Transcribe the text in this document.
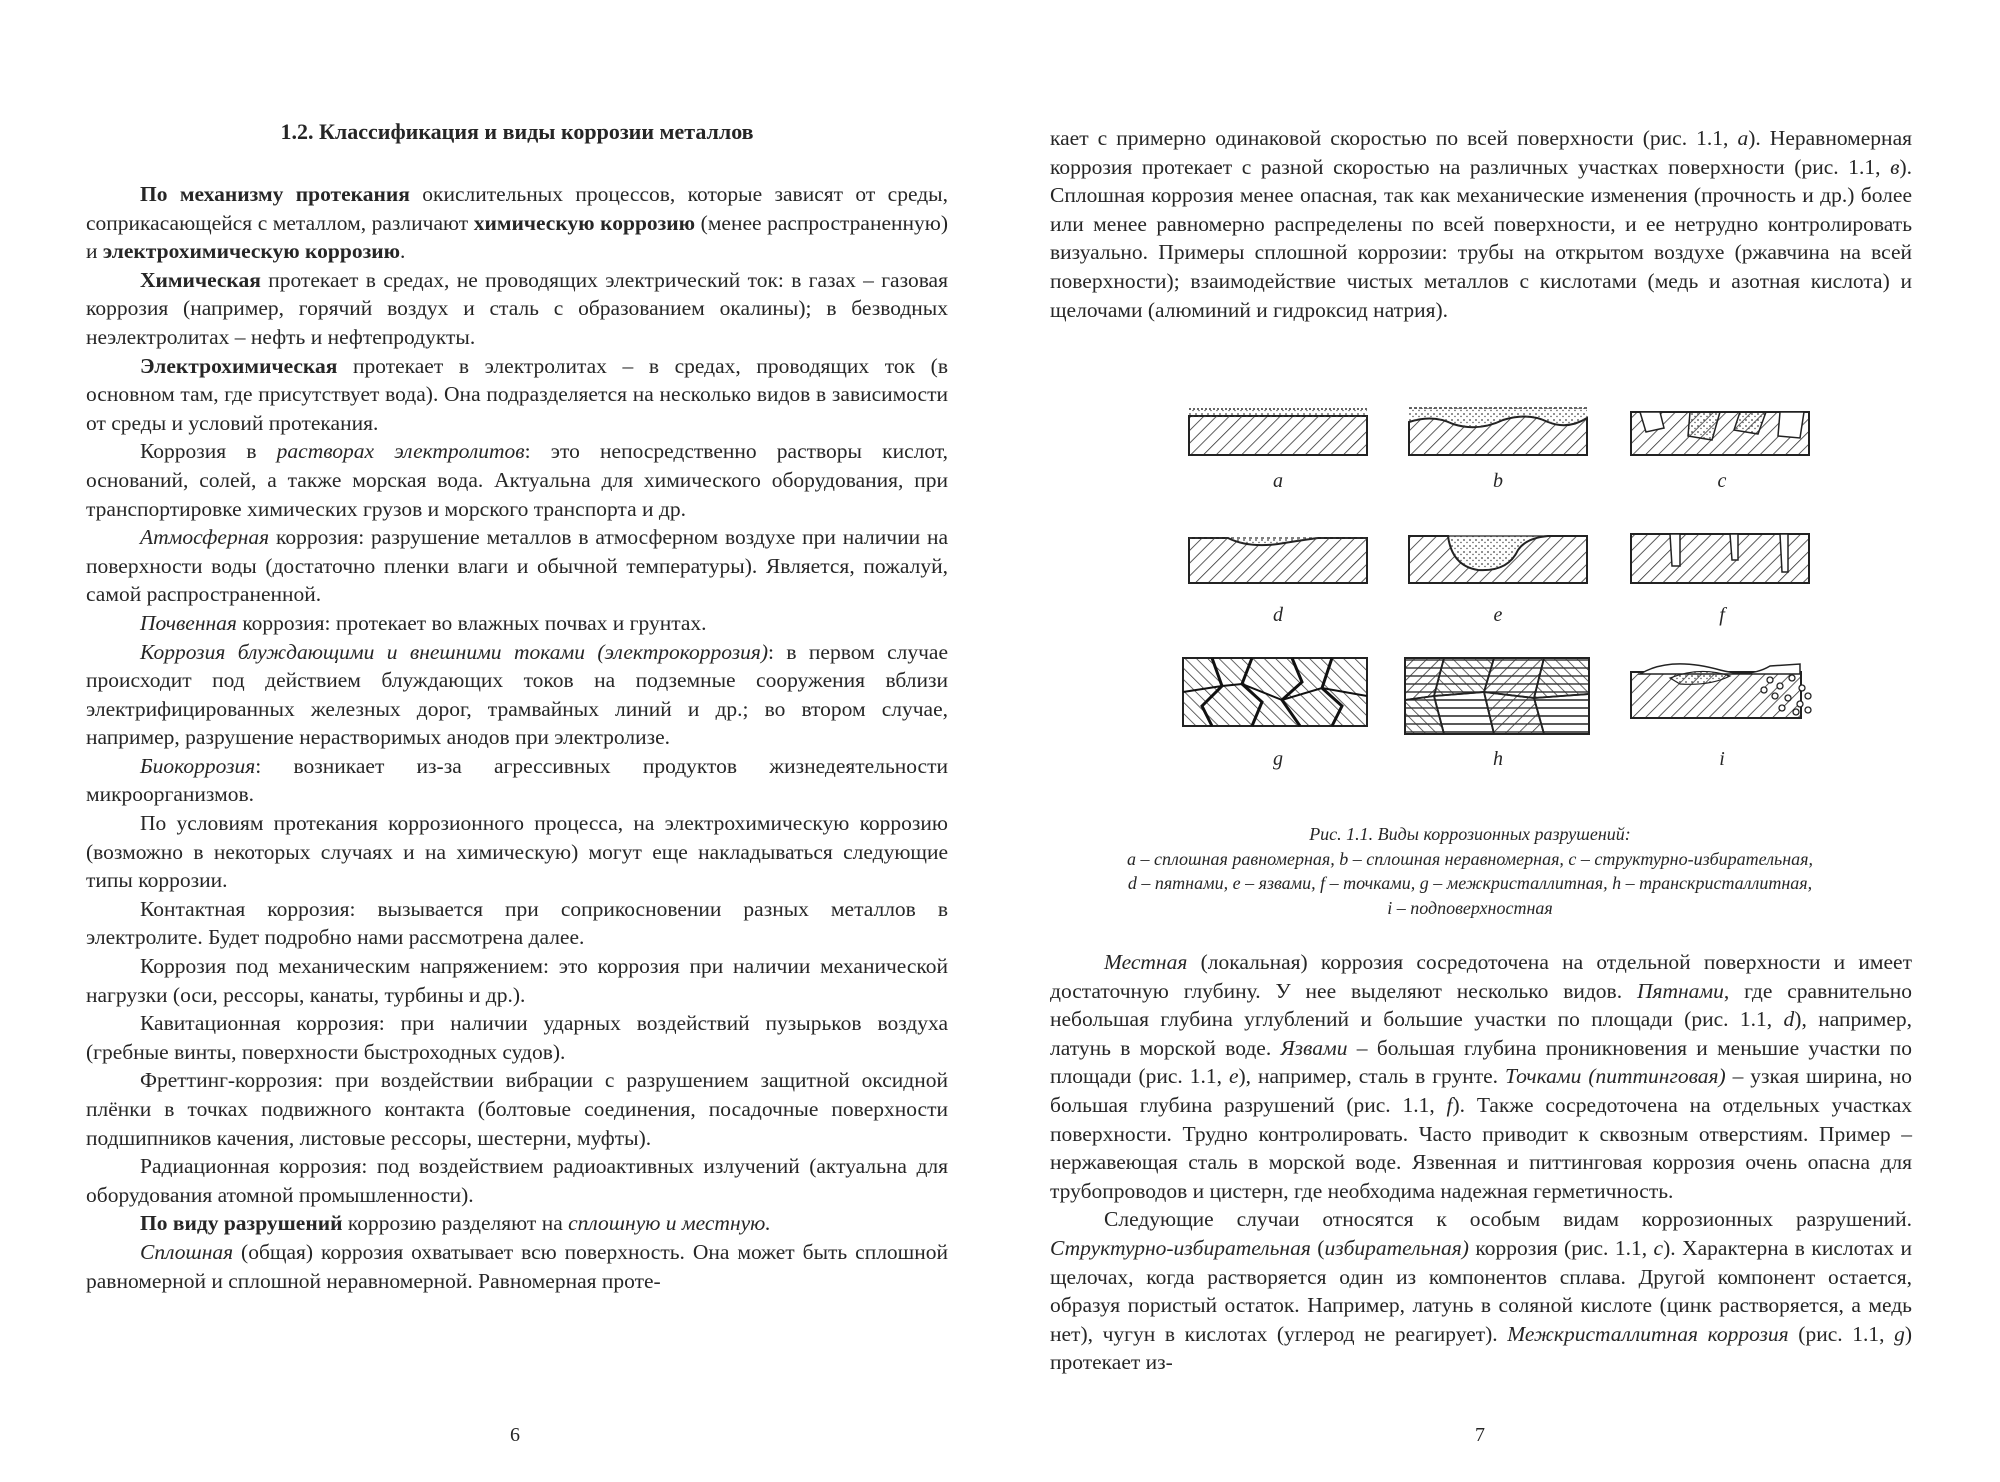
1.2. Классификация и виды коррозии металлов

По механизму протекания окислительных процессов, которые зависят от среды, соприкасающейся с металлом, различают химическую коррозию (менее распространенную) и электрохимическую коррозию.

Химическая протекает в средах, не проводящих электрический ток: в газах – газовая коррозия (например, горячий воздух и сталь с образованием окалины); в безводных неэлектролитах – нефть и нефтепродукты.

Электрохимическая протекает в электролитах – в средах, проводящих ток (в основном там, где присутствует вода). Она подразделяется на несколько видов в зависимости от среды и условий протекания.

Коррозия в растворах электролитов: это непосредственно растворы кислот, оснований, солей, а также морская вода. Актуальна для химического оборудования, при транспортировке химических грузов и морского транспорта и др.

Атмосферная коррозия: разрушение металлов в атмосферном воздухе при наличии на поверхности воды (достаточно пленки влаги и обычной температуры). Является, пожалуй, самой распространенной.

Почвенная коррозия: протекает во влажных почвах и грунтах.

Коррозия блуждающими и внешними токами (электрокоррозия): в первом случае происходит под действием блуждающих токов на подземные сооружения вблизи электрифицированных железных дорог, трамвайных линий и др.; во втором случае, например, разрушение нерастворимых анодов при электролизе.

Биокоррозия: возникает из-за агрессивных продуктов жизнедеятельности микроорганизмов.

По условиям протекания коррозионного процесса, на электрохимическую коррозию (возможно в некоторых случаях и на химическую) могут еще накладываться следующие типы коррозии.

Контактная коррозия: вызывается при соприкосновении разных металлов в электролите. Будет подробно нами рассмотрена далее.

Коррозия под механическим напряжением: это коррозия при наличии механической нагрузки (оси, рессоры, канаты, турбины и др.).

Кавитационная коррозия: при наличии ударных воздействий пузырьков воздуха (гребные винты, поверхности быстроходных судов).

Фреттинг-коррозия: при воздействии вибрации с разрушением защитной оксидной плёнки в точках подвижного контакта (болтовые соединения, посадочные поверхности подшипников качения, листовые рессоры, шестерни, муфты).

Радиационная коррозия: под воздействием радиоактивных излучений (актуальна для оборудования атомной промышленности).

По виду разрушений коррозию разделяют на сплошную и местную.

Сплошная (общая) коррозия охватывает всю поверхность. Она может быть сплошной равномерной и сплошной неравномерной. Равномерная проте-

6

кает с примерно одинаковой скоростью по всей поверхности (рис. 1.1, а). Неравномерная коррозия протекает с разной скоростью на различных участках поверхности (рис. 1.1, в). Сплошная коррозия менее опасная, так как механические изменения (прочность и др.) более или менее равномерно распределены по всей поверхности, и ее нетрудно контролировать визуально. Примеры сплошной коррозии: трубы на открытом воздухе (ржавчина на всей поверхности); взаимодействие чистых металлов с кислотами (медь и азотная кислота) и щелочами (алюминий и гидроксид натрия).

a	b	c
d	e	f
g	h	i
Рис. 1.1. Виды коррозионных разрушений:
a – сплошная равномерная, b – сплошная неравномерная, c – структурно-избирательная,
d – пятнами, e – язвами, f – точками, g – межкристаллитная, h – транскристаллитная,
i – подповерхностная

Местная (локальная) коррозия сосредоточена на отдельной поверхности и имеет достаточную глубину. У нее выделяют несколько видов. Пятнами, где сравнительно небольшая глубина углублений и большие участки по площади (рис. 1.1, d), например, латунь в морской воде. Язвами – большая глубина проникновения и меньшие участки по площади (рис. 1.1, е), например, сталь в грунте. Точками (питтинговая) – узкая ширина, но большая глубина разрушений (рис. 1.1, f). Также сосредоточена на отдельных участках поверхности. Трудно контролировать. Часто приводит к сквозным отверстиям. Пример – нержавеющая сталь в морской воде. Язвенная и питтинговая коррозия очень опасна для трубопроводов и цистерн, где необходима надежная герметичность.

Следующие случаи относятся к особым видам коррозионных разрушений. Структурно-избирательная (избирательная) коррозия (рис. 1.1, с). Характерна в кислотах и щелочах, когда растворяется один из компонентов сплава. Другой компонент остается, образуя пористый остаток. Например, латунь в соляной кислоте (цинк растворяется, а медь нет), чугун в кислотах (углерод не реагирует). Межкристаллитная коррозия (рис. 1.1, g) протекает из-

7
